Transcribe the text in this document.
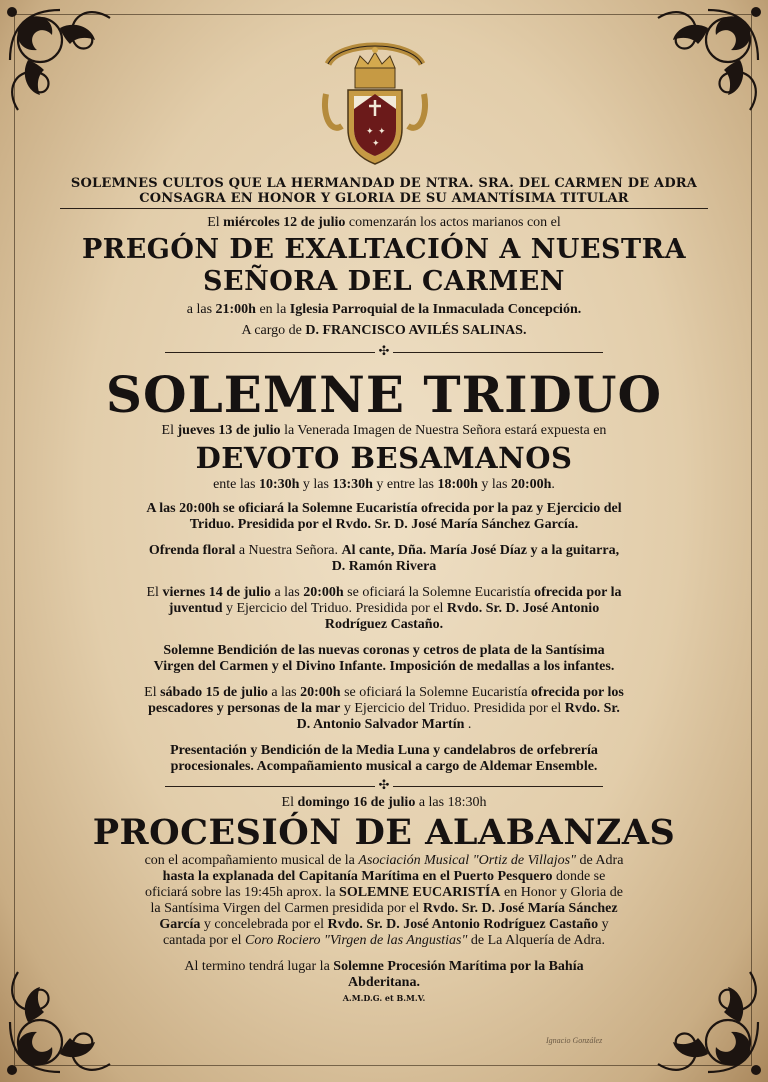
✦ ✦
✦

SOLEMNES CULTOS QUE LA HERMANDAD DE NTRA. SRA. DEL CARMEN DE ADRA

CONSAGRA EN HONOR Y GLORIA DE SU AMANTÍSIMA TITULAR

El miércoles 12 de julio comenzarán los actos marianos con el

PREGÓN DE EXALTACIÓN A NUESTRA
SEÑORA DEL CARMEN

a las 21:00h en la Iglesia Parroquial de la Inmaculada Concepción.

A cargo de D. FRANCISCO AVILÉS SALINAS.

✣
SOLEMNE TRIDUO

El jueves 13 de julio la Venerada Imagen de Nuestra Señora estará expuesta en

DEVOTO BESAMANOS

ente las 10:30h y las 13:30h y entre las 18:00h y las 20:00h.

A las 20:00h se oficiará la Solemne Eucaristía ofrecida por la paz y Ejercicio del
Triduo. Presidida por el Rvdo. Sr. D. José María Sánchez García.

Ofrenda floral a Nuestra Señora. Al cante, Dña. María José Díaz y a la guitarra,
D. Ramón Rivera

El viernes 14 de julio a las 20:00h se oficiará la Solemne Eucaristía ofrecida por la
juventud y Ejercicio del Triduo. Presidida por el Rvdo. Sr. D. José Antonio
Rodríguez Castaño.

Solemne Bendición de las nuevas coronas y cetros de plata de la Santísima
Virgen del Carmen y el Divino Infante. Imposición de medallas a los infantes.

El sábado 15 de julio a las 20:00h se oficiará la Solemne Eucaristía ofrecida por los
pescadores y personas de la mar y Ejercicio del Triduo. Presidida por el Rvdo. Sr.
D. Antonio Salvador Martín .

Presentación y Bendición de la Media Luna y candelabros de orfebrería
procesionales. Acompañamiento musical a cargo de Aldemar Ensemble.

✣

El domingo 16 de julio a las 18:30h

PROCESIÓN DE ALABANZAS

con el acompañamiento musical de la Asociación Musical "Ortiz de Villajos" de Adra
hasta la explanada del Capitanía Marítima en el Puerto Pesquero donde se
oficiará sobre las 19:45h aprox. la SOLEMNE EUCARISTÍA en Honor y Gloria de
la Santísima Virgen del Carmen presidida por el Rvdo. Sr. D. José María Sánchez
García y concelebrada por el Rvdo. Sr. D. José Antonio Rodríguez Castaño y
cantada por el Coro Rociero "Virgen de las Angustias" de La Alquería de Adra.

Al termino tendrá lugar la Solemne Procesión Marítima por la Bahía
Abderitana.

A.M.D.G. et B.M.V.

Ignacio González
